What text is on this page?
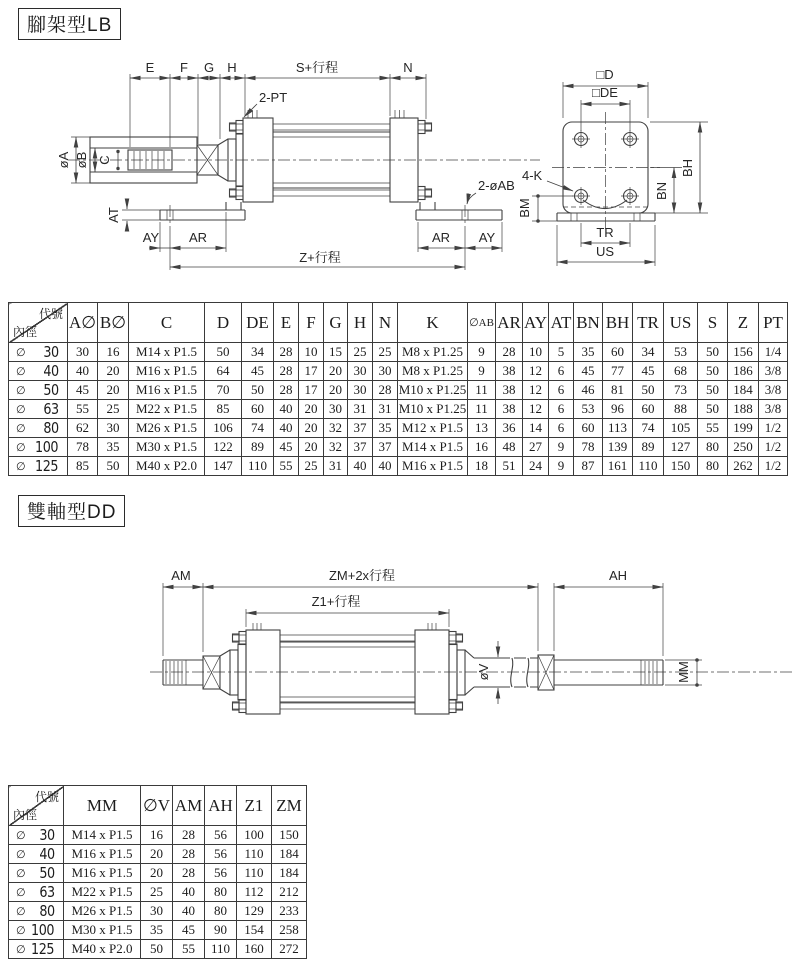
腳架型LB
E F G H	S+行程	N
2-PT
øA øB C
AT
AY AR	AR AY
Z+行程
2-øAB
□D
□DE
4-K
BM
BN
BH
TR
US
代號
內徑	A∅	B∅	C	D	DE	E	F	G	H	N	K	∅AB	AR	AY	AT	BN	BH	TR	US	S	Z	PT

∅ 30	30	16	M14 x P1.5	50	34	28	10	15	25	25	M8 x P1.25	9	28	10	5	35	60	34	53	50	156	1/4

∅ 40	40	20	M16 x P1.5	64	45	28	17	20	30	30	M8 x P1.25	9	38	12	6	45	77	45	68	50	186	3/8

∅ 50	45	20	M16 x P1.5	70	50	28	17	20	30	28	M10 x P1.25	11	38	12	6	46	81	50	73	50	184	3/8

∅ 63	55	25	M22 x P1.5	85	60	40	20	30	31	31	M10 x P1.25	11	38	12	6	53	96	60	88	50	188	3/8

∅ 80	62	30	M26 x P1.5	106	74	40	20	32	37	35	M12 x P1.5	13	36	14	6	60	113	74	105	55	199	1/2

∅ 100	78	35	M30 x P1.5	122	89	45	20	32	37	37	M14 x P1.5	16	48	27	9	78	139	89	127	80	250	1/2

∅ 125	85	50	M40 x P2.0	147	110	55	25	31	40	40	M16 x P1.5	18	51	24	9	87	161	110	150	80	262	1/2
雙軸型DD
AM	ZM+2x行程	AH
Z1+行程
øV	MM
代號
內徑	MM	∅V	AM	AH	Z1	ZM

∅ 30	M14 x P1.5	16	28	56	100	150

∅ 40	M16 x P1.5	20	28	56	110	184

∅ 50	M16 x P1.5	20	28	56	110	184

∅ 63	M22 x P1.5	25	40	80	112	212

∅ 80	M26 x P1.5	30	40	80	129	233

∅ 100	M30 x P1.5	35	45	90	154	258

∅ 125	M40 x P2.0	50	55	110	160	272
